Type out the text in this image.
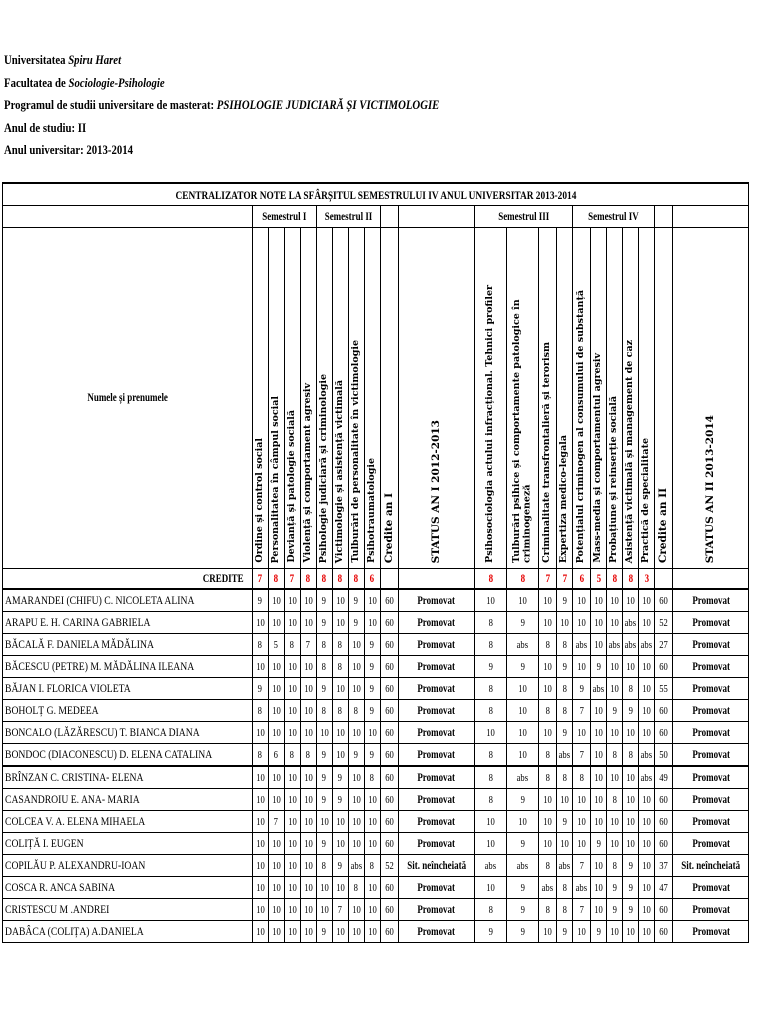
Universitatea Spiru Haret
Facultatea de Sociologie-Psihologie
Programul de studii universitare de masterat: PSIHOLOGIE JUDICIARĂ ȘI VICTIMOLOGIE
Anul de studiu: II
Anul universitar: 2013-2014
CENTRALIZATOR NOTE LA SFÂRȘITUL SEMESTRULUI IV ANUL UNIVERSITAR 2013-2014																					
	Semestrul I				Semestrul II						Semestrul III				Semestrul IV						
Numele și prenumele	Ordine și control social	Personalitatea în câmpul social	Devianță și patologie socială	Violență și comportament agresiv	Psihologie judiciară și criminologie	Victimologie și asistență victimală	Tulburări de personalitate în victimologie	Psihotraumatologie	Credite an I	STATUS AN I 2012-2013	Psihosociologia actului infracțional. Tehnici profiler	Tulburări psihice și comportamente patologice în criminogeneză	Criminalitate transfrontalieră și terorism	Expertiza medico-legala	Potențialul criminogen al consumului de substanță	Mass-media și comportamentul agresiv	Probațiune și reinserție socială	Asistență victimală și management de caz	Practică de specialitate	Credite an II	STATUS AN II 2013-2014
CREDITE	7	8	7	8	8	8	8	6			8	8	7	7	6	5	8	8	3		
AMARANDEI (CHIFU) C. NICOLETA ALINA	9	10	10	10	9	10	9	10	60	Promovat	10	10	10	9	10	10	10	10	10	60	Promovat
ARAPU E. H. CARINA GABRIELA	10	10	10	10	9	10	9	10	60	Promovat	8	9	10	10	10	10	10	abs	10	52	Promovat
BĂCALĂ F. DANIELA MĂDĂLINA	8	5	8	7	8	8	10	9	60	Promovat	8	abs	8	8	abs	10	abs	abs	abs	27	Promovat
BĂCESCU (PETRE) M. MĂDĂLINA ILEANA	10	10	10	10	8	8	10	9	60	Promovat	9	9	10	9	10	9	10	10	10	60	Promovat
BĂJAN I. FLORICA VIOLETA	9	10	10	10	9	10	10	9	60	Promovat	8	10	10	8	9	abs	10	8	10	55	Promovat
BOHOLȚ G. MEDEEA	8	10	10	10	8	8	8	9	60	Promovat	8	10	8	8	7	10	9	9	10	60	Promovat
BONCALO (LĂZĂRESCU) T. BIANCA DIANA	10	10	10	10	10	10	10	10	60	Promovat	10	10	10	9	10	10	10	10	10	60	Promovat
BONDOC (DIACONESCU) D. ELENA CATALINA	8	6	8	8	9	10	9	9	60	Promovat	8	10	8	abs	7	10	8	8	abs	50	Promovat
BRÎNZAN C. CRISTINA- ELENA	10	10	10	10	9	9	10	8	60	Promovat	8	abs	8	8	8	10	10	10	abs	49	Promovat
CASANDROIU E. ANA- MARIA	10	10	10	10	9	9	10	10	60	Promovat	8	9	10	10	10	10	8	10	10	60	Promovat
COLCEA V. A. ELENA MIHAELA	10	7	10	10	10	10	10	10	60	Promovat	10	10	10	9	10	10	10	10	10	60	Promovat
COLIȚĂ I. EUGEN	10	10	10	10	9	10	10	10	60	Promovat	10	9	10	10	10	9	10	10	10	60	Promovat
COPILĂU P. ALEXANDRU-IOAN	10	10	10	10	8	9	abs	8	52	Sit. neîncheiată	abs	abs	8	abs	7	10	8	9	10	37	Sit. neîncheiată
COSCA R. ANCA SABINA	10	10	10	10	10	10	8	10	60	Promovat	10	9	abs	8	abs	10	9	9	10	47	Promovat
CRISTESCU M .ANDREI	10	10	10	10	10	7	10	10	60	Promovat	8	9	8	8	7	10	9	9	10	60	Promovat
DABÂCA (COLIȚA) A.DANIELA	10	10	10	10	9	10	10	10	60	Promovat	9	9	10	9	10	9	10	10	10	60	Promovat
